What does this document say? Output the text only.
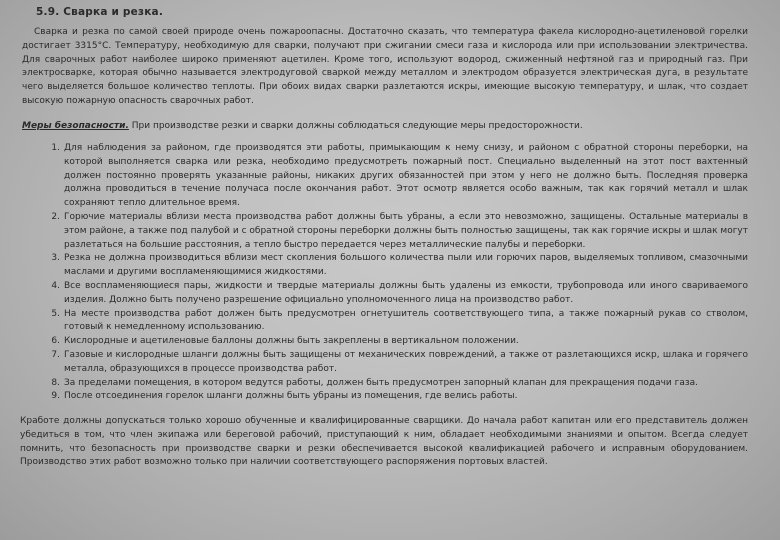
5.9. Сварка и резка.

Сварка и резка по самой своей природе очень пожароопасны. Достаточно сказать, что температура факела кислородно-ацетиленовой горелки достигает 3315°С. Температуру, необходимую для сварки, получают при сжигании смеси газа и кислорода или при использовании электричества. Для сварочных работ наиболее широко применяют ацетилен. Кроме того, используют водород, сжиженный нефтяной газ и природный газ. При электросварке, которая обычно называется электродуговой сваркой между металлом и электродом образуется электрическая дуга, в результате чего выделяется большое количество теплоты. При обоих видах сварки разлетаются искры, имеющие высокую температуру, и шлак, что создает высокую пожарную опасность сварочных работ.

Меры безопасности. При производстве резки и сварки должны соблюдаться следующие меры предосторожности.

1. Для наблюдения за районом, где производятся эти работы, примыкающим к нему снизу, и районом с обратной стороны переборки, на которой выполняется сварка или резка, необходимо предусмотреть пожарный пост. Специально выделенный на этот пост вахтенный должен постоянно проверять указанные районы, никаких других обязанностей при этом у него не должно быть. Последняя проверка должна проводиться в течение получаса после окончания работ. Этот осмотр является особо важным, так как горячий металл и шлак сохраняют тепло длительное время.
2. Горючие материалы вблизи места производства работ должны быть убраны, а если это невозможно, защищены. Остальные материалы в этом районе, а также под палубой и с обратной стороны переборки должны быть полностью защищены, так как горячие искры и шлак могут разлетаться на большие расстояния, а тепло быстро передается через металлические палубы и переборки.
3. Резка не должна производиться вблизи мест скопления большого количества пыли или горючих паров, выделяемых топливом, смазочными маслами и другими воспламеняющимися жидкостями.
4. Все воспламеняющиеся пары, жидкости и твердые материалы должны быть удалены из емкости, трубопровода или иного свариваемого изделия. Должно быть получено разрешение официально уполномоченного лица на производство работ.
5. На месте производства работ должен быть предусмотрен огнетушитель соответствующего типа, а также пожарный рукав со стволом, готовый к немедленному использованию.
6. Кислородные и ацетиленовые баллоны должны быть закреплены в вертикальном положении.
7. Газовые и кислородные шланги должны быть защищены от механических повреждений, а также от разлетающихся искр, шлака и горячего металла, образующихся в процессе производства работ.
8. За пределами помещения, в котором ведутся работы, должен быть предусмотрен запорный клапан для прекращения подачи газа.
9. После отсоединения горелок шланги должны быть убраны из помещения, где велись работы.

Кработе должны допускаться только хорошо обученные и квалифицированные сварщики. До начала работ капитан или его представитель должен убедиться в том, что член экипажа или береговой рабочий, приступающий к ним, обладает необходимыми знаниями и опытом. Всегда следует помнить, что безопасность при производстве сварки и резки обеспечивается высокой квалификацией рабочего и исправным оборудованием. Производство этих работ возможно только при наличии соответствующего распоряжения портовых властей.
